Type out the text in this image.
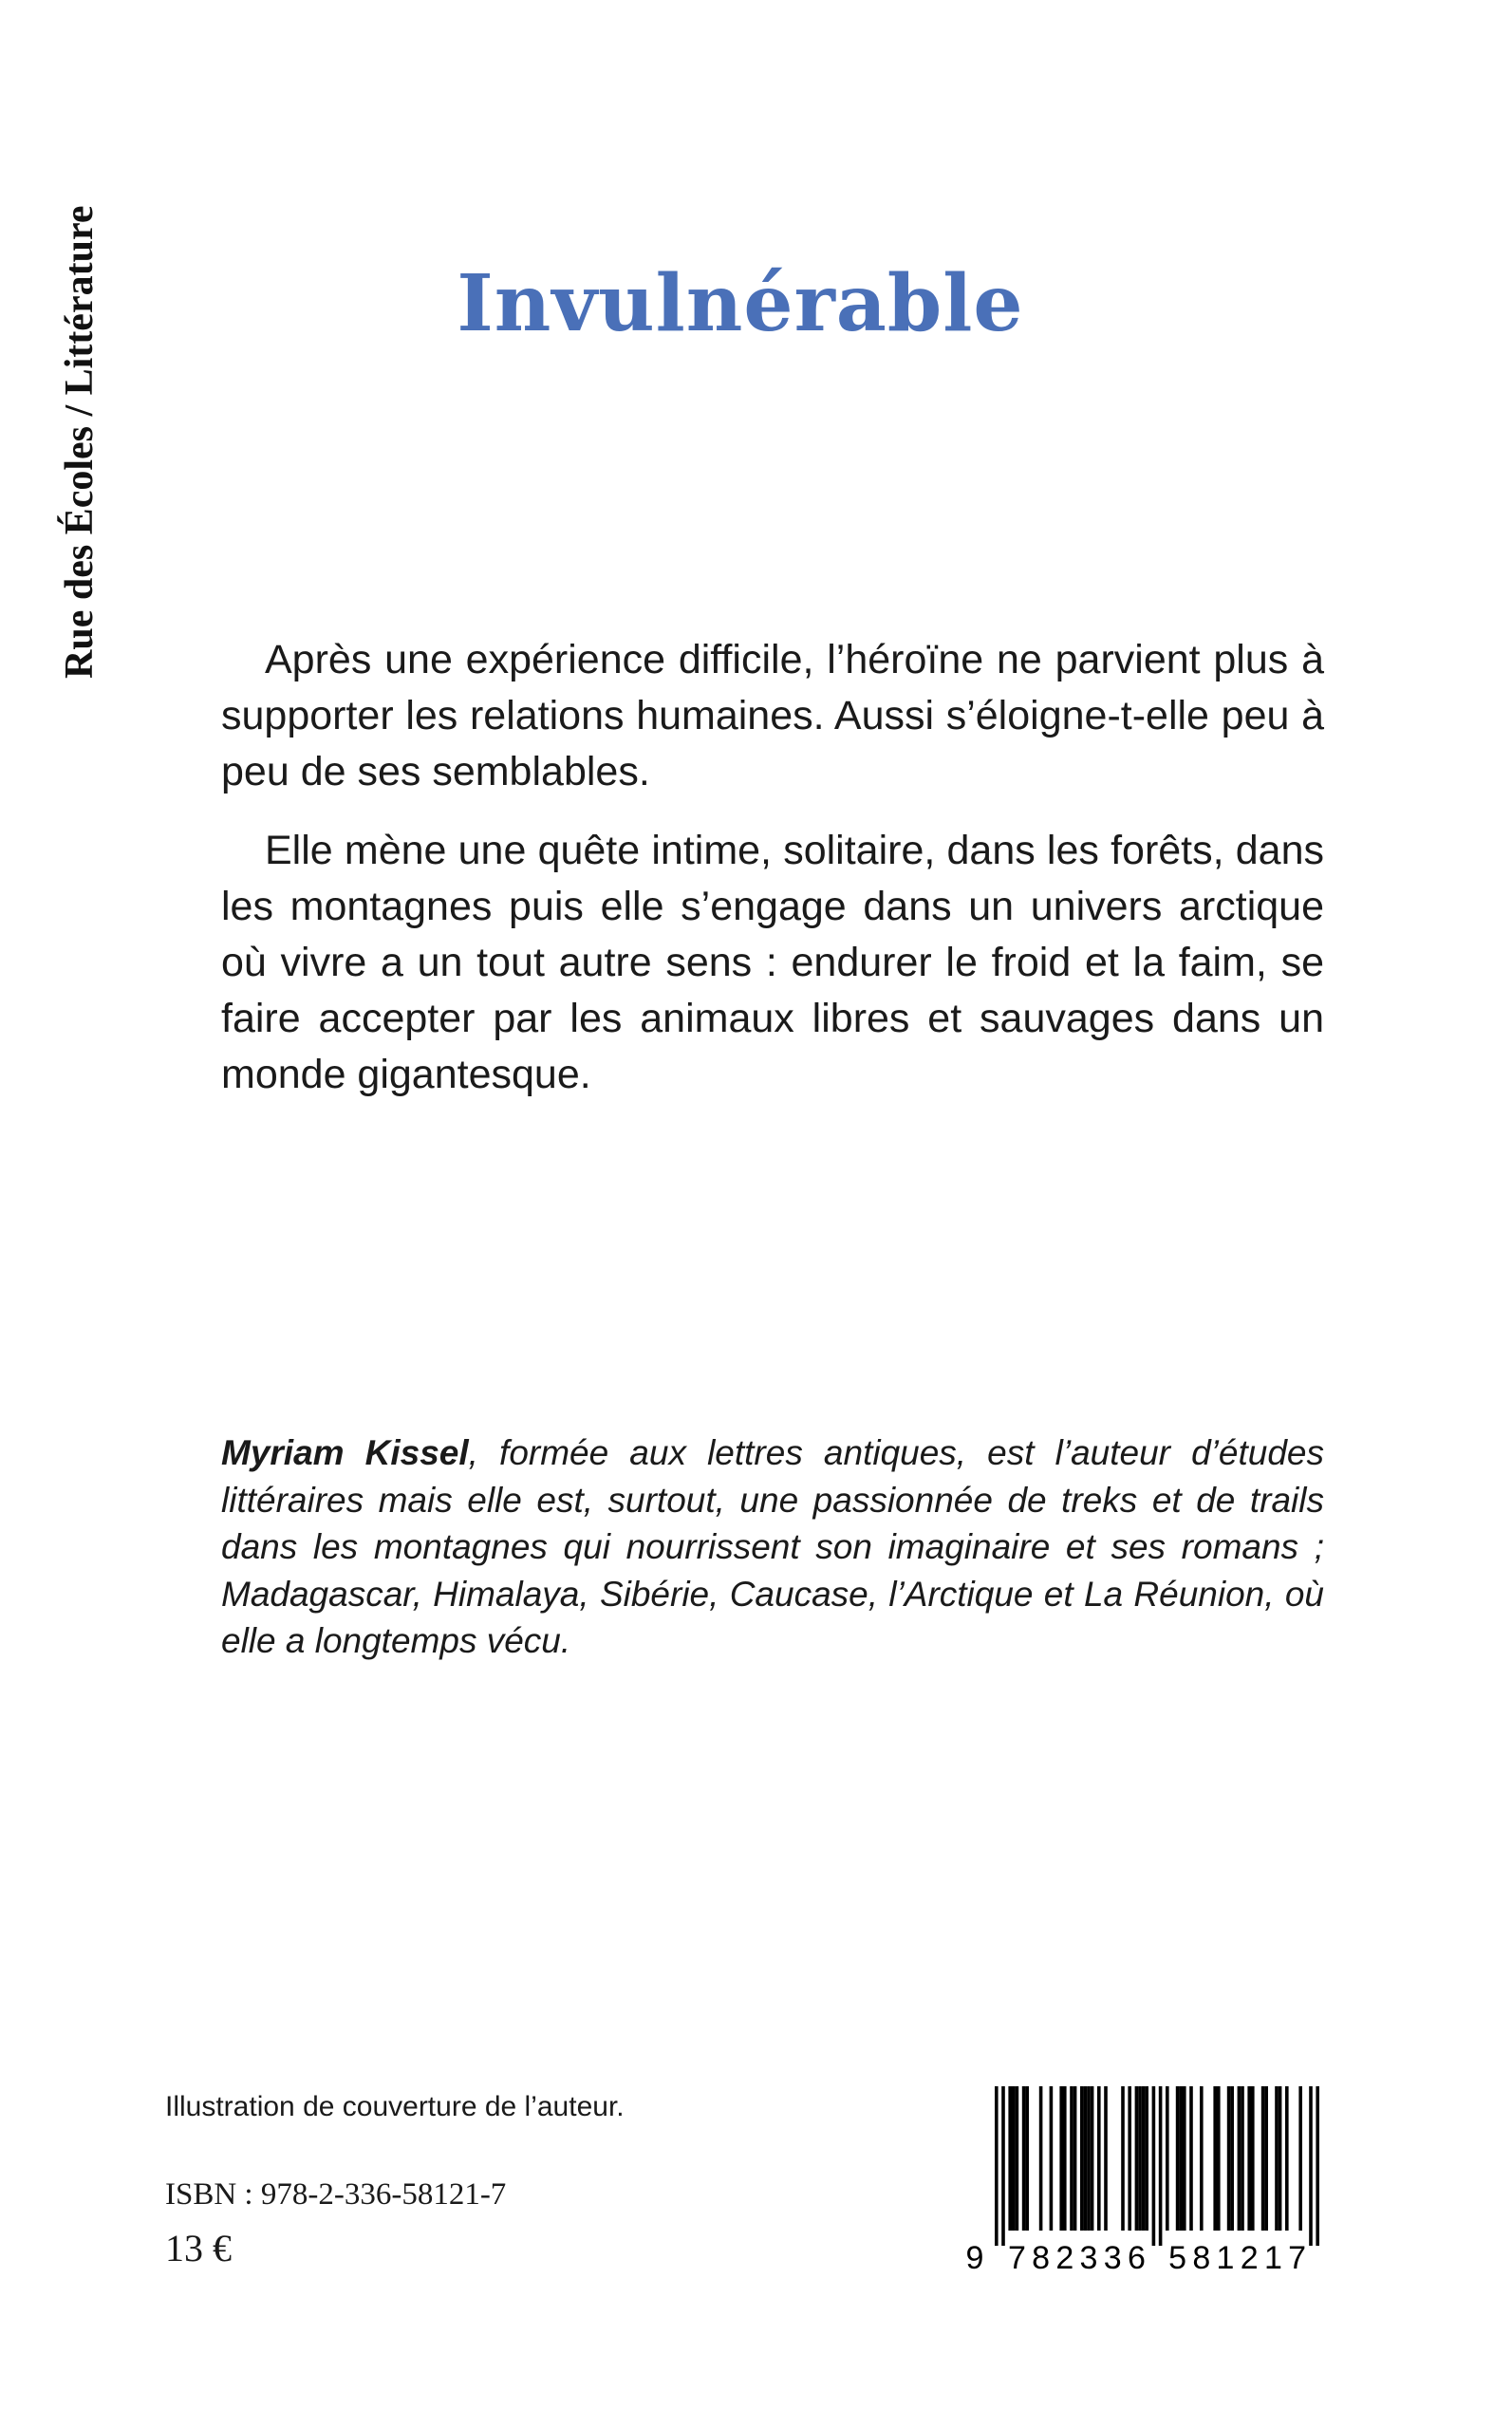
Rue des Écoles / Littérature	Invulnérable

Après une expérience difficile, l’héroïne ne parvient plus à supporter les relations humaines. Aussi s’éloigne-t-elle peu à peu de ses semblables.

Elle mène une quête intime, solitaire, dans les forêts, dans les montagnes puis elle s’engage dans un univers arctique où vivre a un tout autre sens : endurer le froid et la faim, se faire accepter par les animaux libres et sauvages dans un monde gigantesque.

Myriam Kissel, formée aux lettres antiques, est l’auteur d’études littéraires mais elle est, surtout, une passionnée de treks et de trails dans les montagnes qui nourrissent son imaginaire et ses romans ; Madagascar, Himalaya, Sibérie, Caucase, l’Arctique et La Réunion, où elle a longtemps vécu.
Illustration de couverture de l’auteur.
ISBN : 978-2-336-58121-7
13 €	9 7 8 2 3 3 6 5 8 1 2 1 7
